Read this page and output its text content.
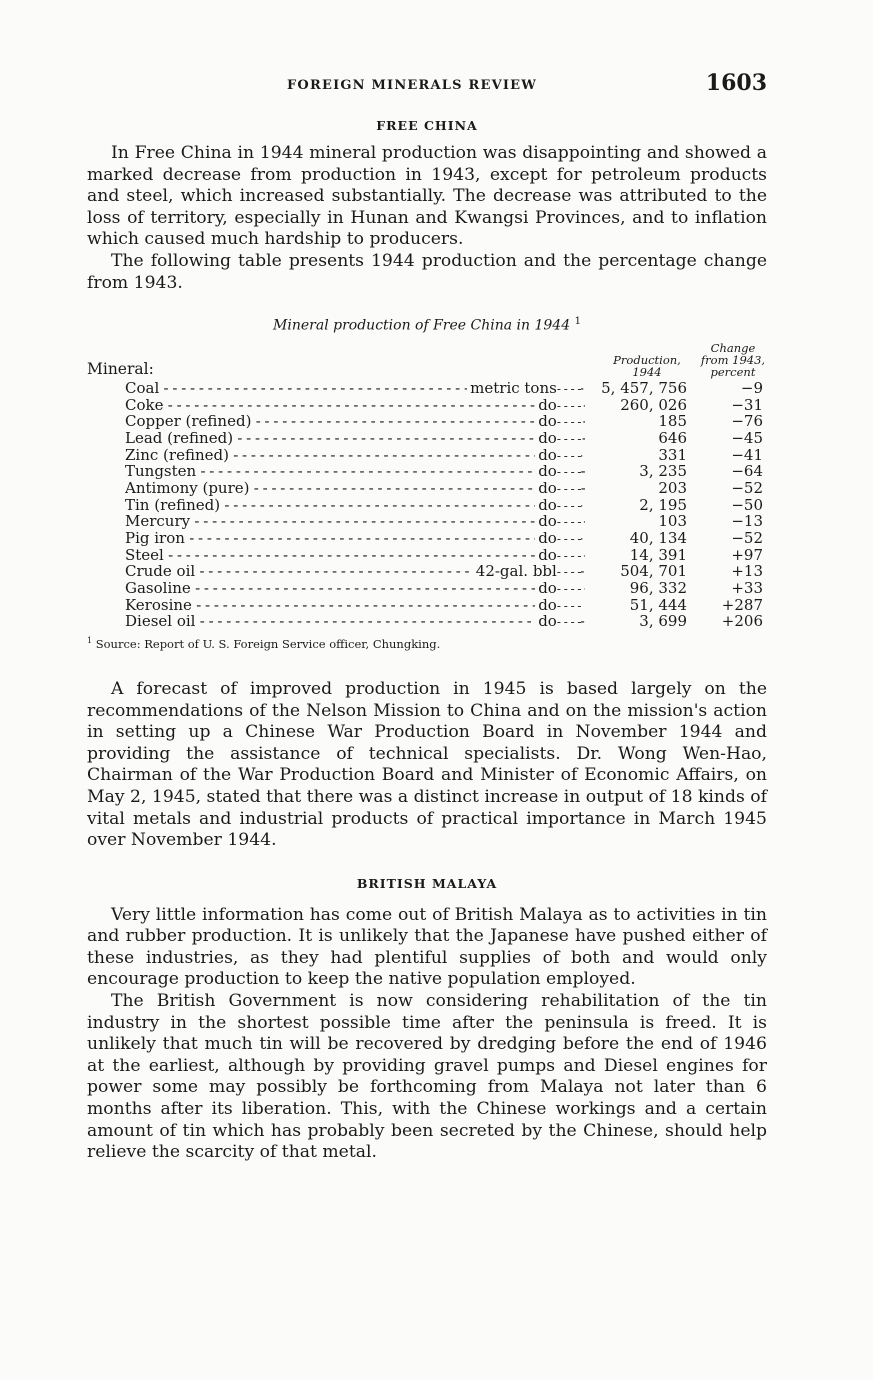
FOREIGN MINERALS REVIEW	1603
FREE CHINA

In Free China in 1944 mineral production was disappointing and showed a marked decrease from production in 1943, except for petroleum products and steel, which increased substantially. The decrease was attributed to the loss of territory, especially in Hunan and Kwangsi Provinces, and to inflation which caused much hardship to producers.

The following table presents 1944 production and the percentage change from 1943.

Mineral production of Free China in 1944 $^1$
Mineral:	Production,
1944
Change
from 1943,
percent
Coal - - -	metric tons - - - -	5, 457, 756	−9
Coke - - -	do - - - -	260, 026	−31
Copper (refined) - - -	do - - - -	185	−76
Lead (refined) - - -	do - - - -	646	−45
Zinc (refined) - - -	do - - - -	331	−41
Tungsten - - -	do - - - -	3, 235	−64
Antimony (pure) - - -	do - - - -	203	−52
Tin (refined) - - -	do - - - -	2, 195	−50
Mercury - - -	do - - - -	103	−13
Pig iron - - -	do - - - -	40, 134	−52
Steel - - -	do - - - -	14, 391	+97
Crude oil - - -	42-gal. bbl - - - -	504, 701	+13
Gasoline - - -	do - - - -	96, 332	+33
Kerosine - - -	do - - - -	51, 444	+287
Diesel oil - - -	do - - - -	3, 699	+206
$^1$ Source: Report of U. S. Foreign Service officer, Chungking.

A forecast of improved production in 1945 is based largely on the recommendations of the Nelson Mission to China and on the mission's action in setting up a Chinese War Production Board in November 1944 and providing the assistance of technical specialists. Dr. Wong Wen-Hao, Chairman of the War Production Board and Minister of Economic Affairs, on May 2, 1945, stated that there was a distinct increase in output of 18 kinds of vital metals and industrial products of practical importance in March 1945 over November 1944.

BRITISH MALAYA

Very little information has come out of British Malaya as to activities in tin and rubber production. It is unlikely that the Japanese have pushed either of these industries, as they had plentiful supplies of both and would only encourage production to keep the native population employed.

The British Government is now considering rehabilitation of the tin industry in the shortest possible time after the peninsula is freed. It is unlikely that much tin will be recovered by dredging before the end of 1946 at the earliest, although by providing gravel pumps and Diesel engines for power some may possibly be forthcoming from Malaya not later than 6 months after its liberation. This, with the Chinese workings and a certain amount of tin which has probably been secreted by the Chinese, should help relieve the scarcity of that metal.
